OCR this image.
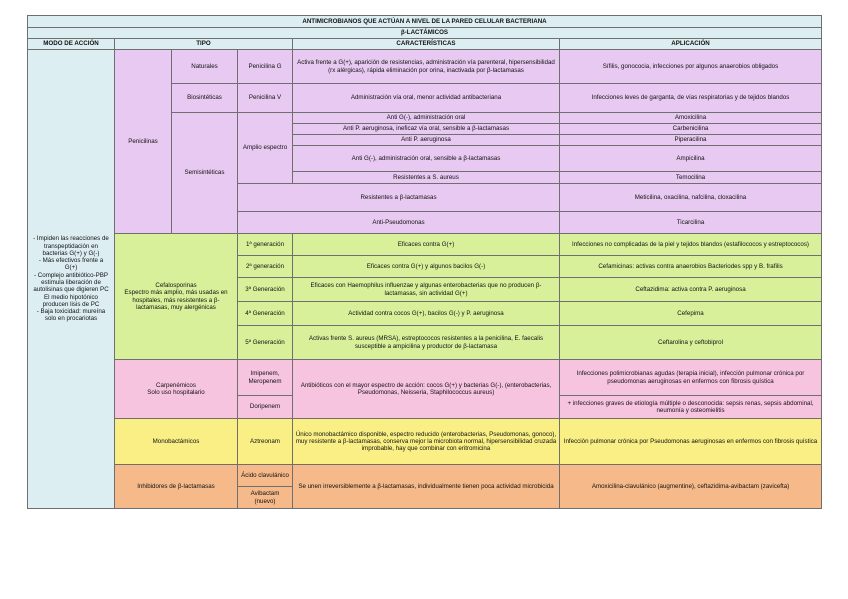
ANTIMICROBIANOS QUE ACTÚAN A NIVEL DE LA PARED CELULAR BACTERIANA					
β-LACTÁMICOS					
MODO DE ACCIÓN	TIPO			CARACTERÍSTICAS	APLICACIÓN
- Impiden las reacciones de transpeptidación en bacterias G(+) y G(-)
- Más efectivos frente a G(+)
- Complejo antibiótico-PBP estimula liberación de autolisinas que digieren PC
El medio hipotónico producen lisis de PC
- Baja toxicidad: mureína solo en procariotas	Penicilinas	Naturales	Penicilina G	Activa frente a G(+), aparición de resistencias, administración vía parenteral, hipersensibilidad (rx alérgicas), rápida eliminación por orina, inactivada por β-lactamasas	Sífilis, gonococia, infecciones por algunos anaerobios obligados
		Biosintéticas	Penicilina V	Administración vía oral, menor actividad antibacteriana	Infecciones leves de garganta, de vías respiratorias y de tejidos blandos
		Semisintéticas	Amplio espectro	Anti G(-), administración oral	Amoxicilina
				Anti P. aeruginosa, ineficaz vía oral, sensible a β-lactamasas	Carbenicilina
				Anti P. aeruginosa	Piperacilina
				Anti G(-), administración oral, sensible a β-lactamasas	Ampicilina
				Resistentes a S. aureus	Temocilina
			Resistentes a β-lactamasas		Meticilina, oxacilina, nafcilina, cloxacilina
			Anti-Pseudomonas		Ticarcilina
	Cefalosporinas
Espectro más amplio, más usadas en hospitales, más resistentes a β-lactamasas, muy alergénicas		1ª generación	Eficaces contra G(+)	Infecciones no complicadas de la piel y tejidos blandos (estafilococos y estreptococos)
			2ª generación	Eficaces contra G(+) y algunos bacilos G(-)	Cefamicinas: activas contra anaerobios Bacteriodes spp y B. frafilis
			3ª Generación	Eficaces con Haemophilus influenzae y algunas enterobacterias que no producen β-lactamasas, sin actividad G(+)	Ceftazidima: activa contra P. aeruginosa
			4ª Generación	Actividad contra cocos G(+), bacilos G(-) y P. aeruginosa	Cefepima
			5ª Generación	Activas frente S. aureus (MRSA), estreptococos resistentes a la penicilina, E. faecalis susceptible a ampicilina y productor de β-lactamasa	Ceftarolina y ceftobiprol
	Carpenémicos
Solo uso hospitalario		Imipenem, Meropenem	Antibióticos con el mayor espectro de acción: cocos G(+) y bacterias G(-), (enterobacterias, Pseudomonas, Neisseria, Staphilococcus aureus)	Infecciones polimicrobianas agudas (terapia inicial), infección pulmonar crónica por pseudomonas aeruginosas en enfermos con fibrosis quística
			Doripenem		+ infecciones graves de etiología múltiple o desconocida: sepsis renas, sepsis abdominal, neumonía y osteomielitis
	Monobactámicos		Aztreonam	Único monobactámico disponible, espectro reducido (enterobacterias, Pseudomonas, gonoco), muy resistente a β-lactamasas, conserva mejor la microbiota normal, hipersensibilidad cruzada improbable, hay que combinar con eritromicina	Infección pulmonar crónica por Pseudomonas aeruginosas en enfermos con fibrosis quística
	Inhibidores de β-lactamasas		Ácido clavulánico	Se unen irreversiblemente a β-lactamasas, individualmente tienen poca actividad microbicida	Amoxicilina-clavulánico (augmentine), ceftazidima-avibactam (zavicefta)
			Avibactam (nuevo)		
